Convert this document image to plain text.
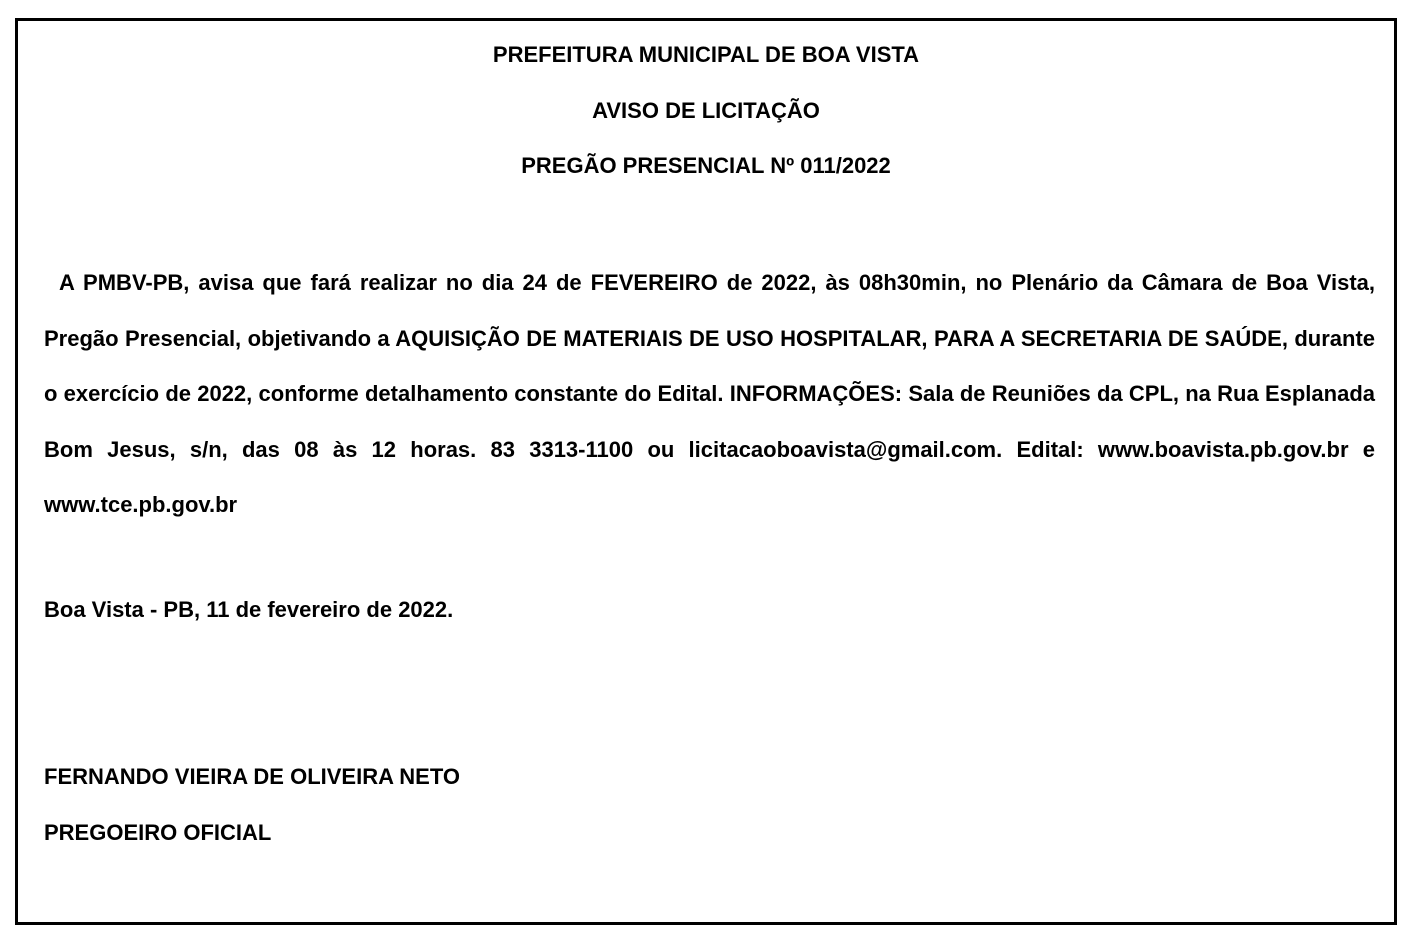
PREFEITURA MUNICIPAL DE BOA VISTA

AVISO DE LICITAÇÃO

PREGÃO PRESENCIAL Nº 011/2022

A PMBV-PB, avisa que fará realizar no dia 24 de FEVEREIRO de 2022, às 08h30min, no Plenário da Câmara de Boa Vista, Pregão Presencial, objetivando a AQUISIÇÃO DE MATERIAIS DE USO HOSPITALAR, PARA A SECRETARIA DE SAÚDE, durante o exercício de 2022, conforme detalhamento constante do Edital. INFORMAÇÕES: Sala de Reuniões da CPL, na Rua Esplanada Bom Jesus, s/n, das 08 às 12 horas. 83 3313-1100 ou licitacaoboavista@gmail.com. Edital: www.boavista.pb.gov.br e www.tce.pb.gov.br

Boa Vista - PB, 11 de fevereiro de 2022.

FERNANDO VIEIRA DE OLIVEIRA NETO

PREGOEIRO OFICIAL
